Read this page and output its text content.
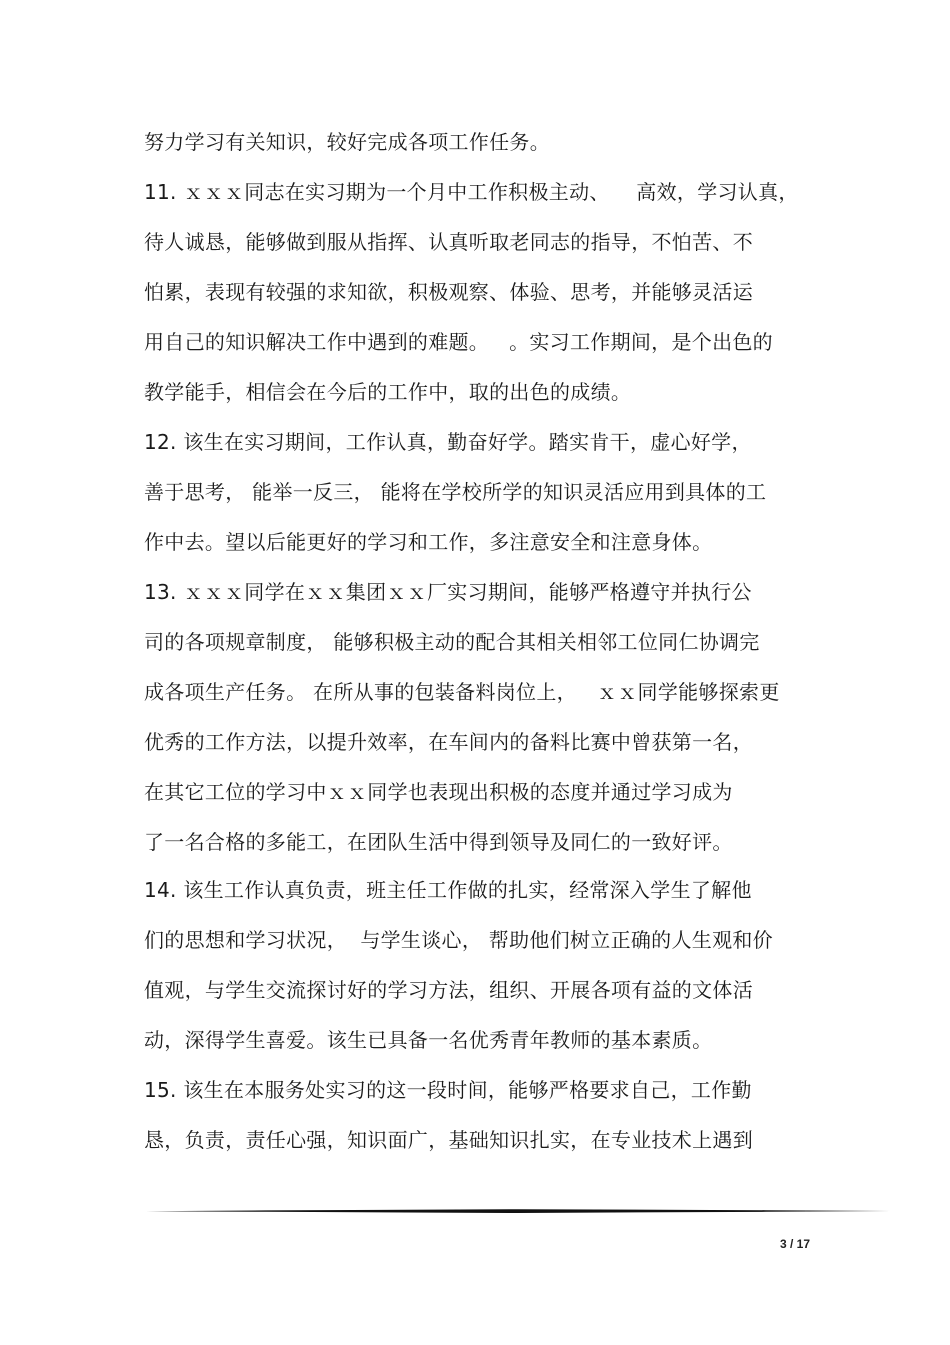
努力学习有关知识，较好完成各项工作任务。
11. ｘｘｘ同志在实习期为一个月中工作积极主动、    高效，学习认真，
待人诚恳，能够做到服从指挥、认真听取老同志的指导，不怕苦、不
怕累，表现有较强的求知欲，积极观察、体验、思考，并能够灵活运
用自己的知识解决工作中遇到的难题。   。实习工作期间，是个出色的
教学能手，相信会在今后的工作中，取的出色的成绩。
12. 该生在实习期间，工作认真，勤奋好学。踏实肯干，虚心好学，
善于思考， 能举一反三， 能将在学校所学的知识灵活应用到具体的工
作中去。望以后能更好的学习和工作，多注意安全和注意身体。
13. ｘｘｘ同学在ｘｘ集团ｘｘ厂实习期间，能够严格遵守并执行公
司的各项规章制度， 能够积极主动的配合其相关相邻工位同仁协调完
成各项生产任务。 在所从事的包装备料岗位上，   ｘｘ同学能够探索更
优秀的工作方法，以提升效率，在车间内的备料比赛中曾获第一名，
在其它工位的学习中ｘｘ同学也表现出积极的态度并通过学习成为
了一名合格的多能工，在团队生活中得到领导及同仁的一致好评。
14. 该生工作认真负责，班主任工作做的扎实，经常深入学生了解他
们的思想和学习状况，  与学生谈心， 帮助他们树立正确的人生观和价
值观，与学生交流探讨好的学习方法，组织、开展各项有益的文体活
动，深得学生喜爱。该生已具备一名优秀青年教师的基本素质。
15. 该生在本服务处实习的这一段时间，能够严格要求自己，工作勤
恳，负责，责任心强，知识面广，基础知识扎实，在专业技术上遇到
3 / 17
